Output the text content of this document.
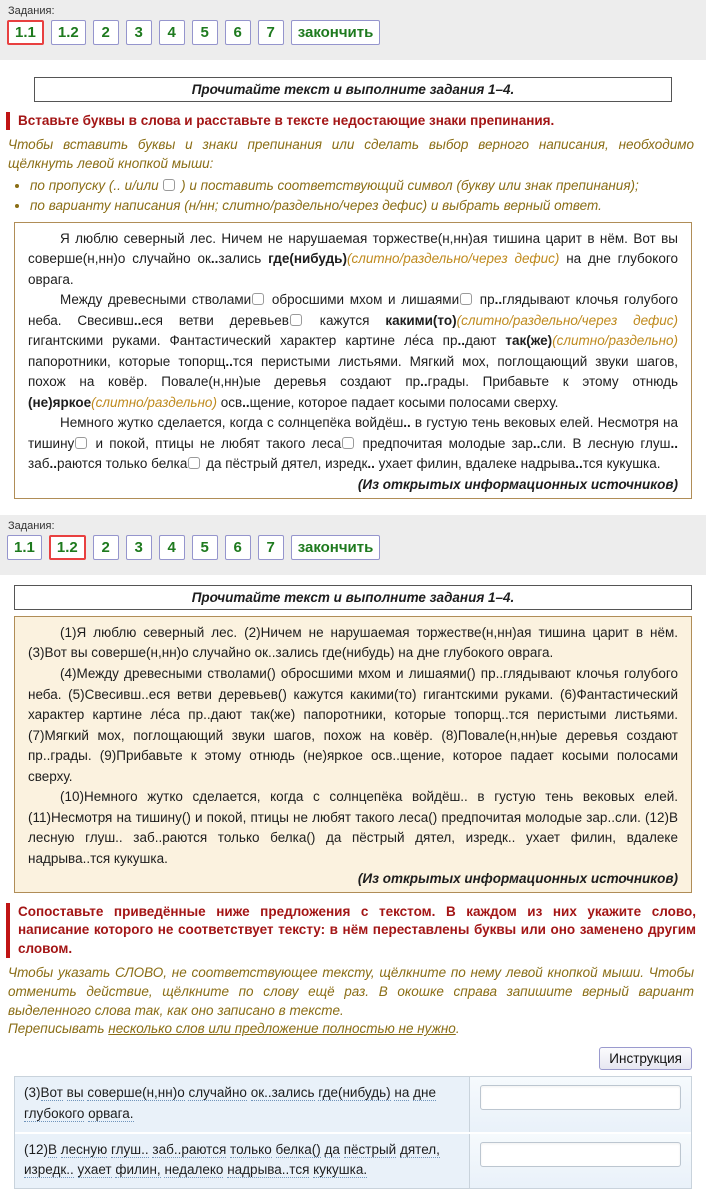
Задания:
1.1	1.2	2	3	4	5	6	7	закончить
Прочитайте текст и выполните задания 1–4.
Вставьте буквы в слова и расставьте в тексте недостающие знаки препинания.
Чтобы вставить буквы и знаки препинания или сделать выбор верного написания, необходимо щёлкнуть левой кнопкой мыши:
• по пропуску (.. и/или  ) и поставить соответствующий символ (букву или знак препинания);
• по варианту написания (н/нн; слитно/раздельно/через дефис) и выбрать верный ответ.

Я люблю северный лес. Ничем не нарушаемая торжестве(н,нн)ая тишина царит в нём. Вот вы соверше(н,нн)о случайно ок..зались где(нибудь)(слитно/раздельно/через дефис) на дне глубокого оврага.

Между древесными стволами обросшими мхом и лишаями пр..глядывают клочья голубого неба. Свесивш..еся ветви деревьев кажутся какими(то)(слитно/раздельно/через дефис) гигантскими руками. Фантастический характер картине ле́са пр..дают так(же)(слитно/раздельно) папоротники, которые топорщ..тся перистыми листьями. Мягкий мох, поглощающий звуки шагов, похож на ковёр. Повале(н,нн)ые деревья создают пр..грады. Прибавьте к этому отнюдь (не)яркое(слитно/раздельно) осв..щение, которое падает косыми полосами сверху.

Немного жутко сделается, когда с солнцепёка войдёш.. в густую тень вековых елей. Несмотря на тишину и покой, птицы не любят такого леса предпочитая молодые зар..сли. В лесную глуш.. заб..раются только белка да пёстрый дятел, изредк.. ухает филин, вдалеке надрыва..тся кукушка.

(Из открытых информационных источников)
Задания:
1.1	1.2	2	3	4	5	6	7	закончить
Прочитайте текст и выполните задания 1–4.

(1)Я люблю северный лес. (2)Ничем не нарушаемая торжестве(н,нн)ая тишина царит в нём. (3)Вот вы соверше(н,нн)о случайно ок..зались где(нибудь) на дне глубокого оврага.

(4)Между древесными стволами() обросшими мхом и лишаями() пр..глядывают клочья голубого неба. (5)Свесивш..еся ветви деревьев() кажутся какими(то) гигантскими руками. (6)Фантастический характер картине ле́са пр..дают так(же) папоротники, которые топорщ..тся перистыми листьями. (7)Мягкий мох, поглощающий звуки шагов, похож на ковёр. (8)Повале(н,нн)ые деревья создают пр..грады. (9)Прибавьте к этому отнюдь (не)яркое осв..щение, которое падает косыми полосами сверху.

(10)Немного жутко сделается, когда с солнцепёка войдёш.. в густую тень вековых елей. (11)Несмотря на тишину() и покой, птицы не любят такого леса() предпочитая молодые зар..сли. (12)В лесную глуш.. заб..раются только белка() да пёстрый дятел, изредк.. ухает филин, вдалеке надрыва..тся кукушка.

(Из открытых информационных источников)
Сопоставьте приведённые ниже предложения с текстом. В каждом из них укажите слово, написание которого не соответствует тексту: в нём переставлены буквы или оно заменено другим словом.
Чтобы указать СЛОВО, не соответствующее тексту, щёлкните по нему левой кнопкой мыши. Чтобы отменить действие, щёлкните по слову ещё раз. В окошке справа запишите верный вариант выделенного слова так, как оно записано в тексте.
Переписывать несколько слов или предложение полностью не нужно.
Инструкция
(3)Вот вы соверше(н,нн)о случайно ок..зались где(нибудь) на дне глубокого орвага.
(12)В лесную глуш.. заб..раются только белка() да пёстрый дятел, изредк.. ухает филин, недалеко надрыва..тся кукушка.
